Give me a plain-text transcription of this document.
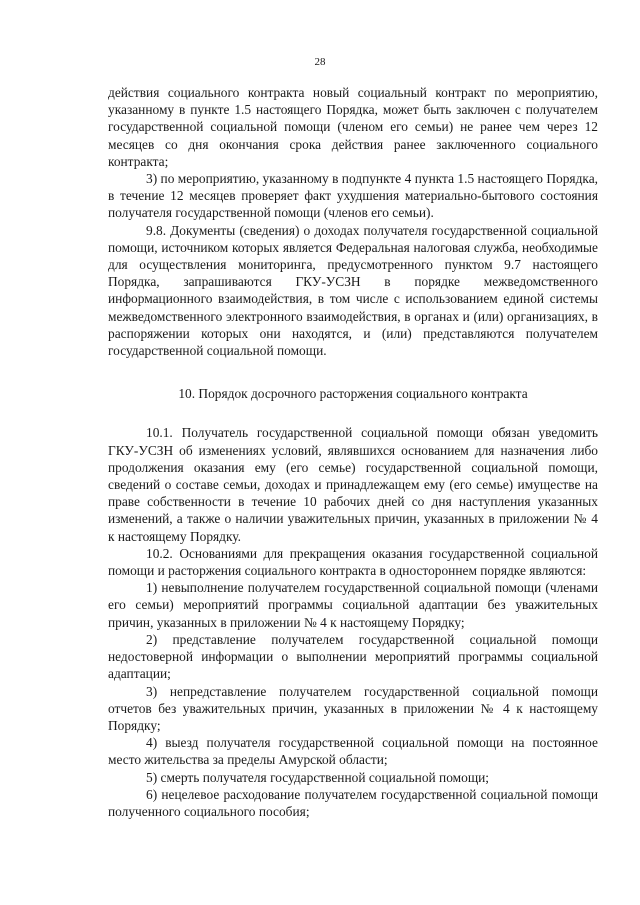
28

действия социального контракта новый социальный контракт по мероприятию, указанному в пункте 1.5 настоящего Порядка, может быть заключен с получателем государственной социальной помощи (членом его семьи) не ранее чем через 12 месяцев со дня окончания срока действия ранее заключенного социального контракта;

3) по мероприятию, указанному в подпункте 4 пункта 1.5 настоящего Порядка, в течение 12 месяцев проверяет факт ухудшения материально-бытового состояния получателя государственной помощи (членов его семьи).

9.8. Документы (сведения) о доходах получателя государственной социальной помощи, источником которых является Федеральная налоговая служба, необходимые для осуществления мониторинга, предусмотренного пунктом 9.7 настоящего Порядка, запрашиваются ГКУ-УСЗН в порядке межведомственного информационного взаимодействия, в том числе с использованием единой системы межведомственного электронного взаимодействия, в органах и (или) организациях, в распоряжении которых они находятся, и (или) представляются получателем государственной социальной помощи.

10. Порядок досрочного расторжения социального контракта

10.1. Получатель государственной социальной помощи обязан уведомить ГКУ-УСЗН об изменениях условий, являвшихся основанием для назначения либо продолжения оказания ему (его семье) государственной социальной помощи, сведений о составе семьи, доходах и принадлежащем ему (его семье) имуществе на праве собственности в течение 10 рабочих дней со дня наступления указанных изменений, а также о наличии уважительных причин, указанных в приложении № 4 к настоящему Порядку.

10.2. Основаниями для прекращения оказания государственной социальной помощи и расторжения социального контракта в одностороннем порядке являются:

1) невыполнение получателем государственной социальной помощи (членами его семьи) мероприятий программы социальной адаптации без уважительных причин, указанных в приложении № 4 к настоящему Порядку;

2) представление получателем государственной социальной помощи недостоверной информации о выполнении мероприятий программы социальной адаптации;

3) непредставление получателем государственной социальной помощи отчетов без уважительных причин, указанных в приложении № 4 к настоящему Порядку;

4) выезд получателя государственной социальной помощи на постоянное место жительства за пределы Амурской области;

5) смерть получателя государственной социальной помощи;

6) нецелевое расходование получателем государственной социальной помощи полученного социального пособия;
